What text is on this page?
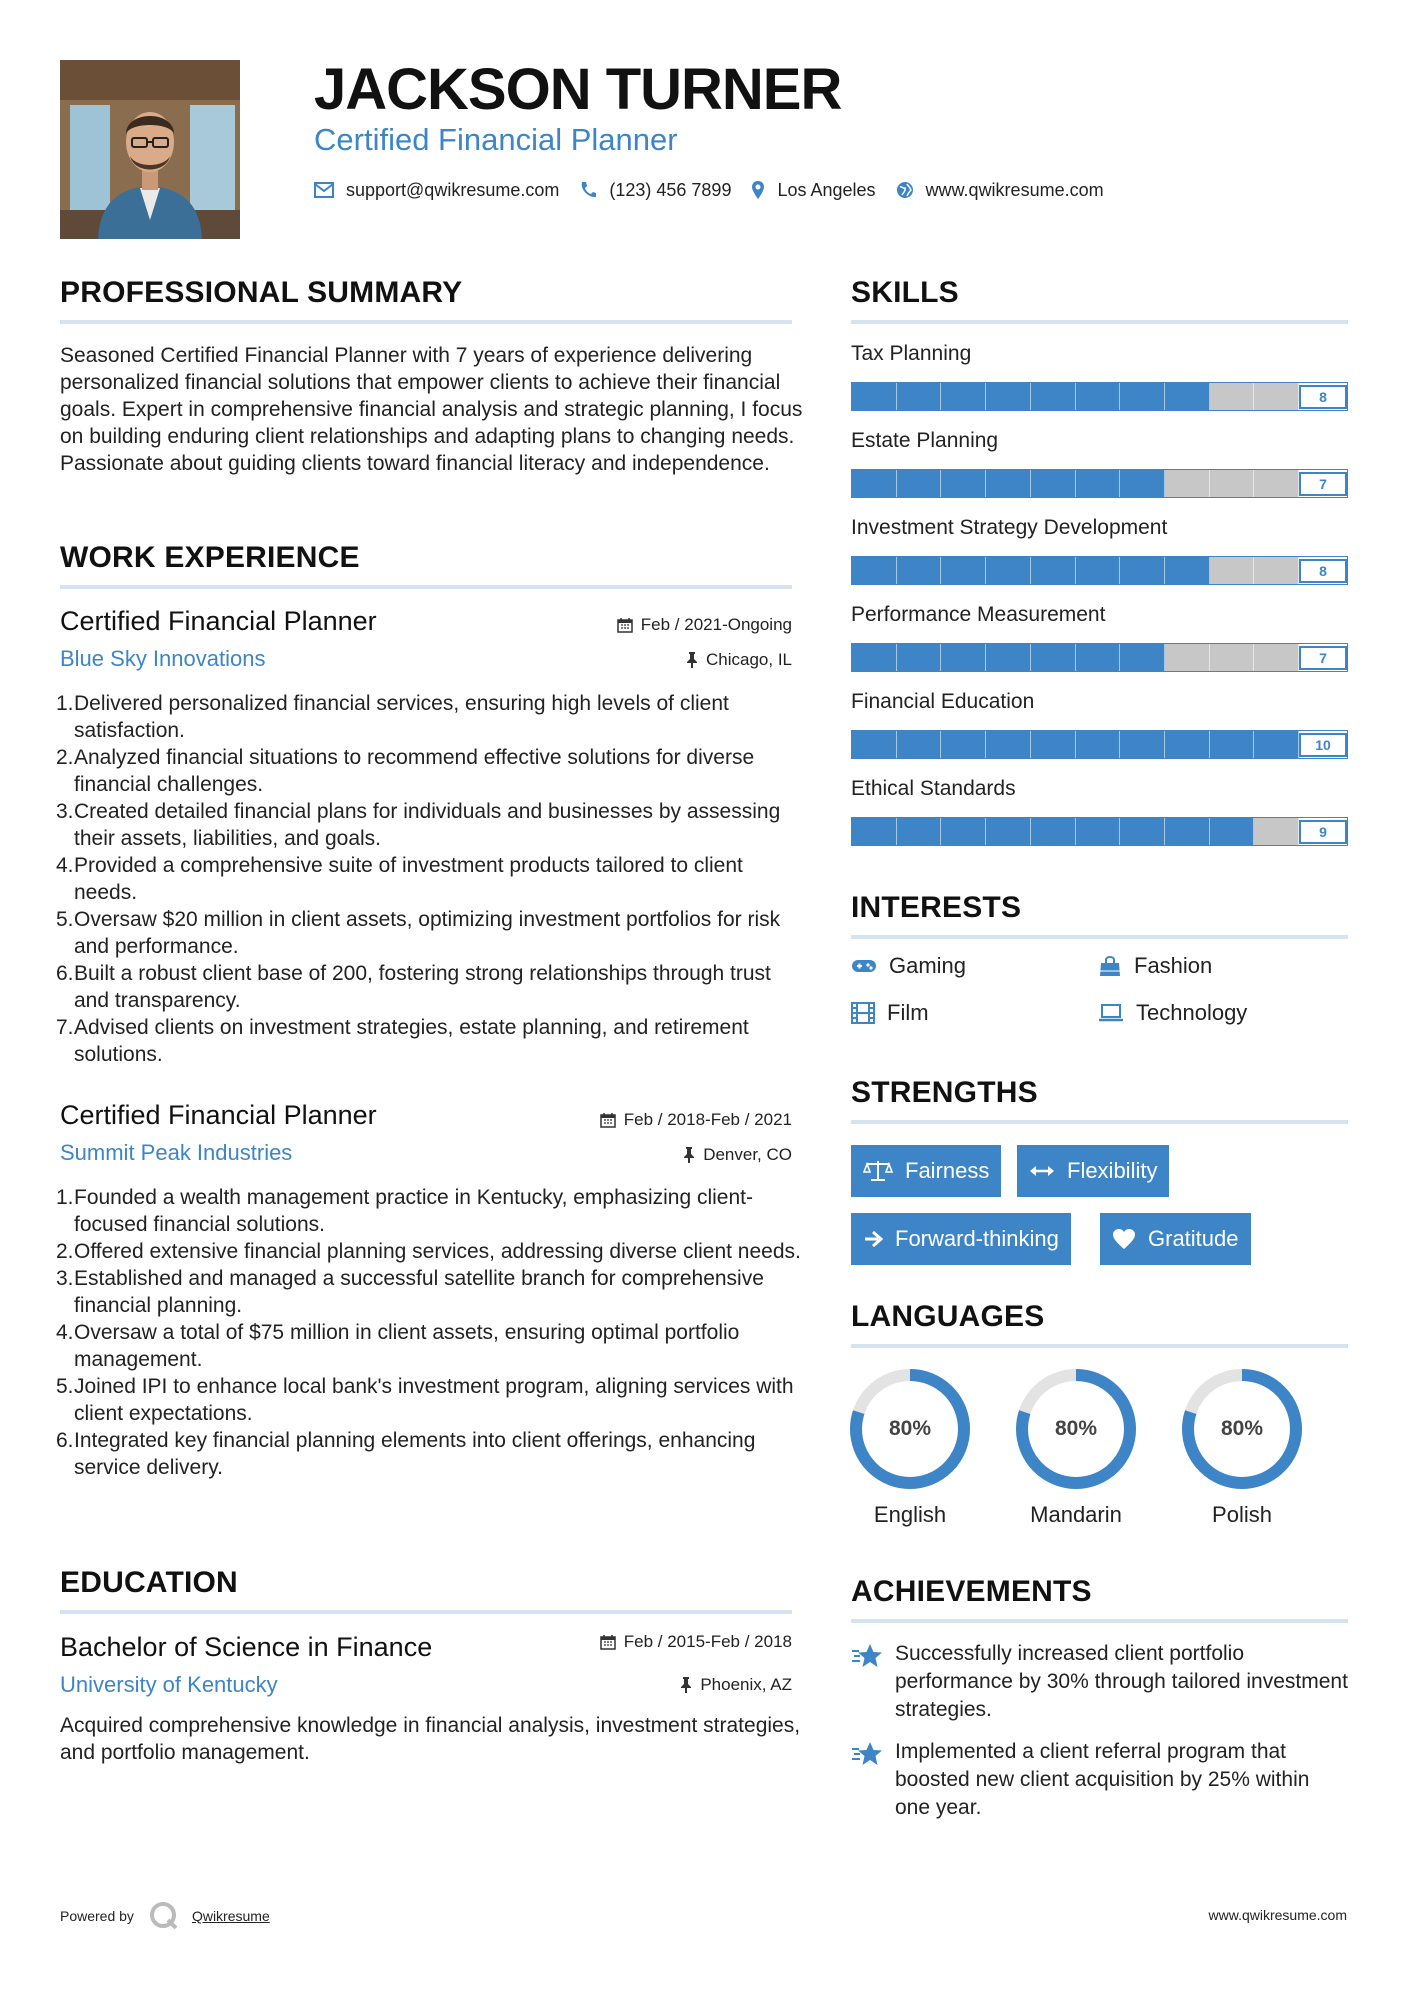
JACKSON TURNER
Certified Financial Planner
support@qwikresume.com	(123) 456 7899	Los Angeles	www.qwikresume.com
PROFESSIONAL SUMMARY
Seasoned Certified Financial Planner with 7 years of experience delivering personalized financial solutions that empower clients to achieve their financial goals. Expert in comprehensive financial analysis and strategic planning, I focus on building enduring client relationships and adapting plans to changing needs. Passionate about guiding clients toward financial literacy and independence.
WORK EXPERIENCE
Certified Financial Planner	Feb / 2021-Ongoing
Blue Sky Innovations	Chicago, IL
1. Delivered personalized financial services, ensuring high levels of client satisfaction.
2. Analyzed financial situations to recommend effective solutions for diverse financial challenges.
3. Created detailed financial plans for individuals and businesses by assessing their assets, liabilities, and goals.
4. Provided a comprehensive suite of investment products tailored to client needs.
5. Oversaw $20 million in client assets, optimizing investment portfolios for risk and performance.
6. Built a robust client base of 200, fostering strong relationships through trust and transparency.
7. Advised clients on investment strategies, estate planning, and retirement solutions.
Certified Financial Planner	Feb / 2018-Feb / 2021
Summit Peak Industries	Denver, CO
1. Founded a wealth management practice in Kentucky, emphasizing client-focused financial solutions.
2. Offered extensive financial planning services, addressing diverse client needs.
3. Established and managed a successful satellite branch for comprehensive financial planning.
4. Oversaw a total of $75 million in client assets, ensuring optimal portfolio management.
5. Joined IPI to enhance local bank's investment program, aligning services with client expectations.
6. Integrated key financial planning elements into client offerings, enhancing service delivery.
EDUCATION
Bachelor of Science in Finance	Feb / 2015-Feb / 2018
University of Kentucky	Phoenix, AZ
Acquired comprehensive knowledge in financial analysis, investment strategies, and portfolio management.
SKILLS
Tax Planning
8
Estate Planning
7
Investment Strategy Development
8
Performance Measurement
7
Financial Education
10
Ethical Standards
9
INTERESTS
Gaming	Fashion
Film	Technology
STRENGTHS
Fairness	Flexibility
Forward-thinking	Gratitude
LANGUAGES
80%
English
80%
Mandarin
80%
Polish
ACHIEVEMENTS
Successfully increased client portfolio performance by 30% through tailored investment strategies.
Implemented a client referral program that boosted new client acquisition by 25% within one year.
Powered by	Qwikresume	www.qwikresume.com
